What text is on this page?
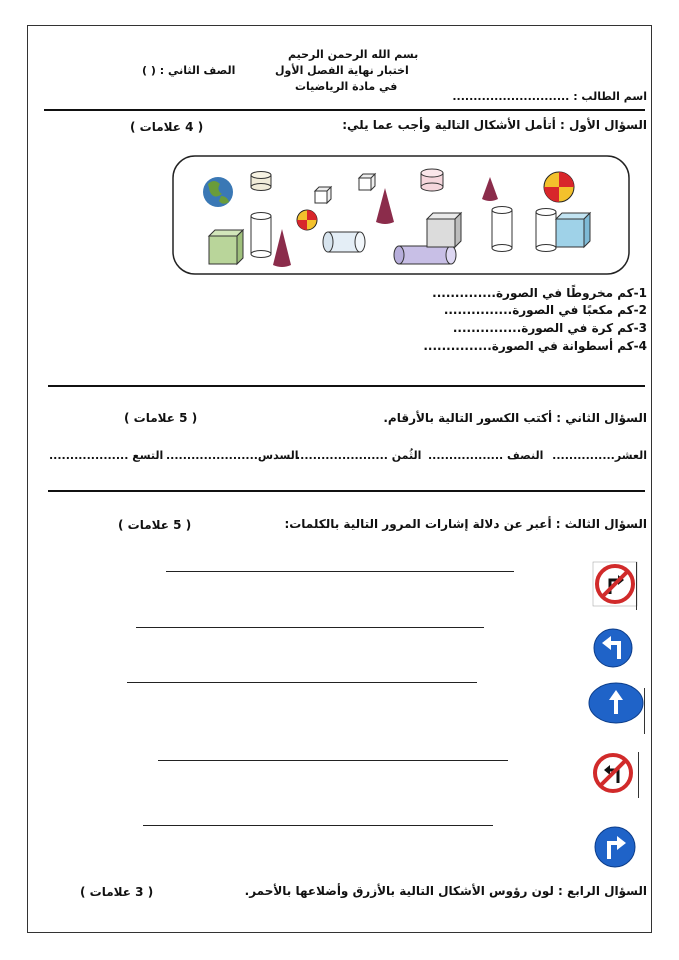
بسم الله الرحمن الرحيم
اختبار نهاية الفصل الأول
في مادة الرياضيات
الصف الثاني : ( )
اسم الطالب : ............................
السؤال الأول : أتأمل الأشكال التالية وأجب عما يلي:
( 4 علامات )
1-كم مخروطًا في الصورة..............
2-كم مكعبًا في الصورة...............
3-كم كرة في الصورة...............
4-كم أسطوانة في الصورة...............
السؤال الثاني : أكتب الكسور التالية بالأرقام.
( 5 علامات )
العشر...............
النصف ..................
الثُمن ......................
السدس......................
التسع ...................
السؤال الثالث : أعبر عن دلالة إشارات المرور التالية بالكلمات:
( 5 علامات )
السؤال الرابع : لون رؤوس الأشكال التالية بالأزرق وأضلاعها بالأحمر.
( 3 علامات )
